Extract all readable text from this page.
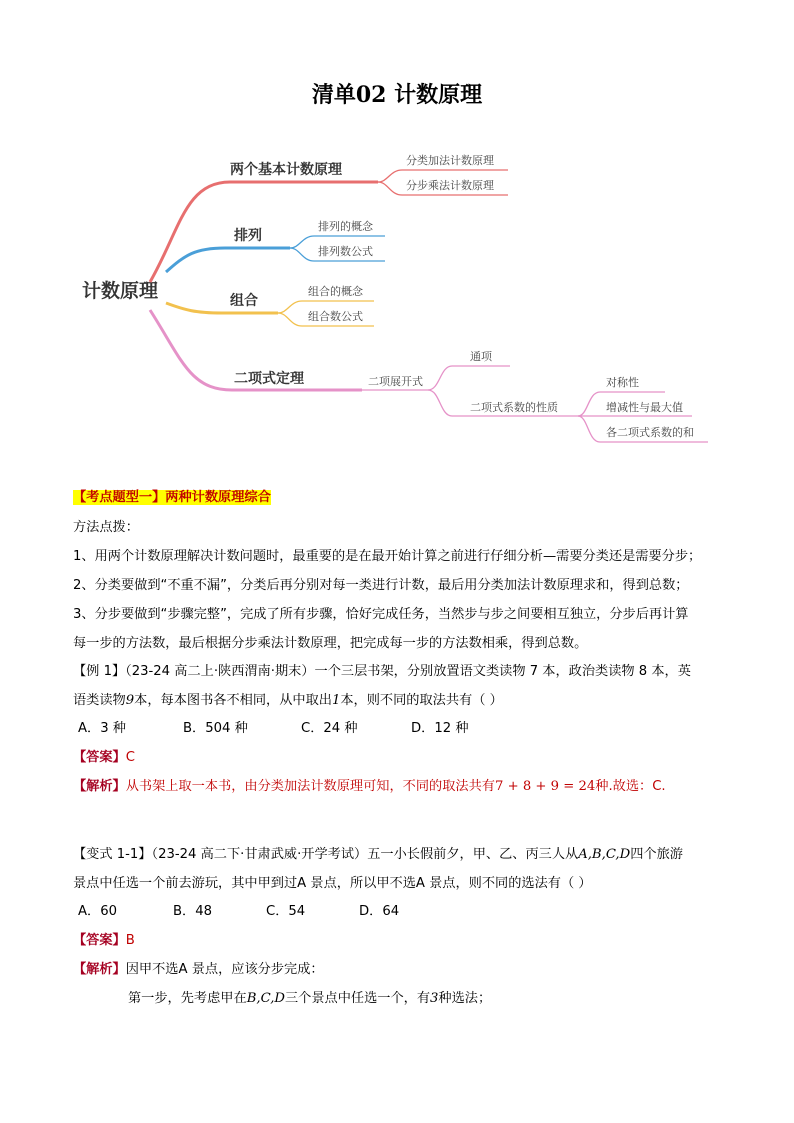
清单02 计数原理
计数原理
两个基本计数原理
分类加法计数原理
分步乘法计数原理
排列
排列的概念
排列数公式
组合
组合的概念
组合数公式
二项式定理	二项展开式
通项
二项式系数的性质
对称性
增减性与最大值
各二项式系数的和
【考点题型一】两种计数原理综合
方法点拨：
1、用两个计数原理解决计数问题时，最重要的是在最开始计算之前进行仔细分析—需要分类还是需要分步；
2、分类要做到“不重不漏”，分类后再分别对每一类进行计数，最后用分类加法计数原理求和，得到总数；
3、分步要做到“步骤完整”，完成了所有步骤，恰好完成任务，当然步与步之间要相互独立，分步后再计算
每一步的方法数，最后根据分步乘法计数原理，把完成每一步的方法数相乘，得到总数。
【例 1】（23-24 高二上·陕西渭南·期末）一个三层书架，分别放置语文类读物 7 本，政治类读物 8 本，英
语类读物9本，每本图书各不相同，从中取出1本，则不同的取法共有（ ）
A．3 种	B．504 种	C．24 种	D．12 种
【答案】C
【解析】从书架上取一本书，由分类加法计数原理可知，不同的取法共有7 + 8 + 9 = 24种.故选：C.
【变式 1-1】（23-24 高二下·甘肃武威·开学考试）五一小长假前夕，甲、乙、丙三人从A,B,C,D四个旅游
景点中任选一个前去游玩，其中甲到过A 景点，所以甲不选A 景点，则不同的选法有（ ）
A．60	B．48	C．54	D．64
【答案】B
【解析】因甲不选A 景点，应该分步完成：
第一步，先考虑甲在B,C,D三个景点中任选一个，有3种选法；
